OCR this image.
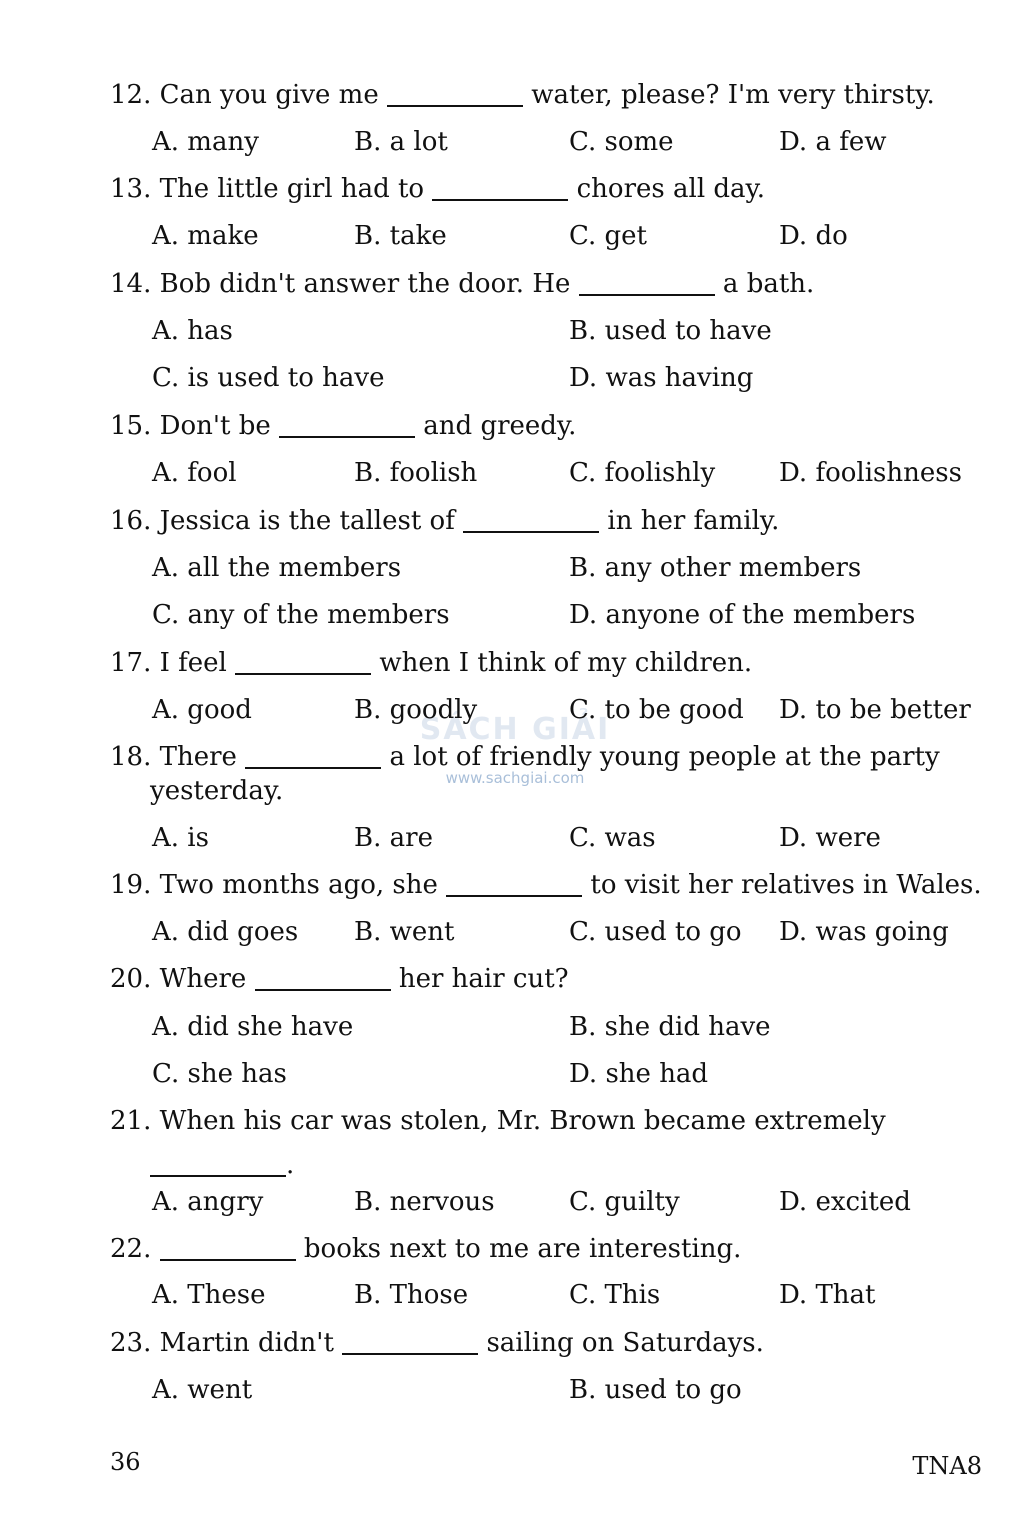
SÁCH GIẢI
www.sachgiai.com
12. Can you give me	water, please? I'm very thirsty.
A. many	B. a lot	C. some	D. a few
13. The little girl had to	chores all day.
A. make	B. take	C. get	D. do
14. Bob didn't answer the door. He	a bath.
A. has	B. used to have
C. is used to have	D. was having
15. Don't be	and greedy.
A. fool	B. foolish	C. foolishly D. foolishness
16. Jessica is the tallest of	in her family.
A. all the members	B. any other members
C. any of the members	D. anyone of the members
17. I feel	when I think of my children.
A. good	B. goodly	C. to be good D. to be better
18. There	a lot of friendly young people at the party
yesterday.
A. is	B. are	C. was	D. were
19. Two months ago, she	to visit her relatives in Wales.
A. did goes B. went	C. used to go D. was going
20. Where	her hair cut?
A. did she have	B. she did have
C. she has	D. she had
21. When his car was stolen, Mr. Brown became extremely
.
A. angry	B. nervous	C. guilty	D. excited
22.	books next to me are interesting.
A. These	B. Those	C. This	D. That
23. Martin didn't	sailing on Saturdays.
A. went	B. used to go
36	TNA8
